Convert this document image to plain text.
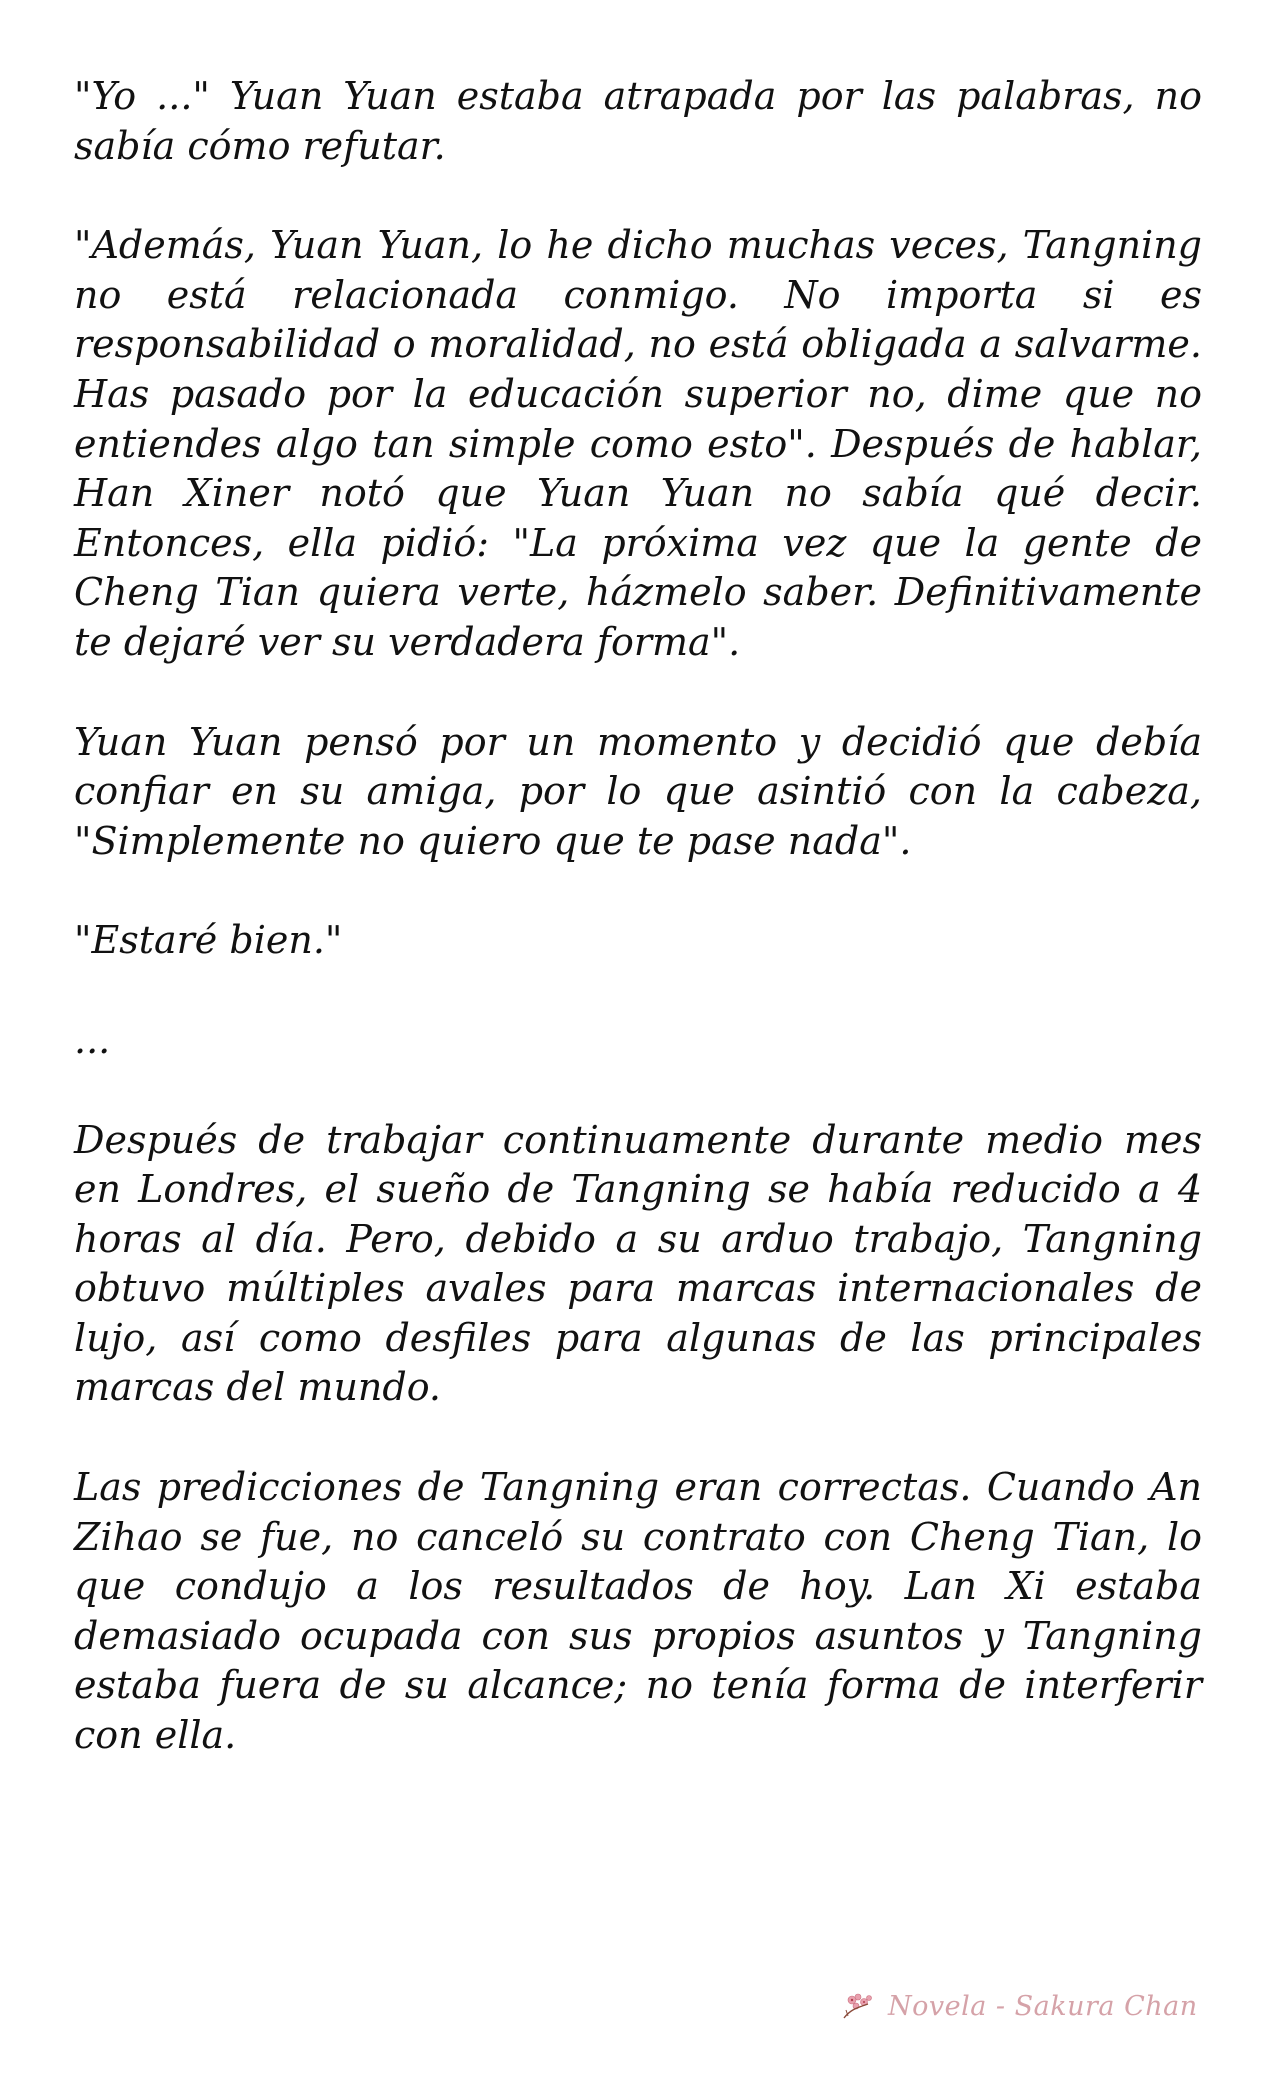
"Yo ..." Yuan Yuan estaba atrapada por las palabras, no sabía cómo refutar.

"Además, Yuan Yuan, lo he dicho muchas veces, Tangning no está relacionada conmigo. No importa si es responsabilidad o moralidad, no está obligada a salvarme. Has pasado por la educación superior no, dime que no entiendes algo tan simple como esto". Después de hablar, Han Xiner notó que Yuan Yuan no sabía qué decir. Entonces, ella pidió: "La próxima vez que la gente de Cheng Tian quiera verte, házmelo saber. Definitivamente te dejaré ver su verdadera forma".

Yuan Yuan pensó por un momento y decidió que debía confiar en su amiga, por lo que asintió con la cabeza, "Simplemente no quiero que te pase nada".

"Estaré bien."

...

Después de trabajar continuamente durante medio mes en Londres, el sueño de Tangning se había reducido a 4 horas al día. Pero, debido a su arduo trabajo, Tangning obtuvo múltiples avales para marcas internacionales de lujo, así como desfiles para algunas de las principales marcas del mundo.

Las predicciones de Tangning eran correctas. Cuando An Zihao se fue, no canceló su contrato con Cheng Tian, lo que condujo a los resultados de hoy. Lan Xi estaba demasiado ocupada con sus propios asuntos y Tangning estaba fuera de su alcance; no tenía forma de interferir con ella.

Novela - Sakura Chan
